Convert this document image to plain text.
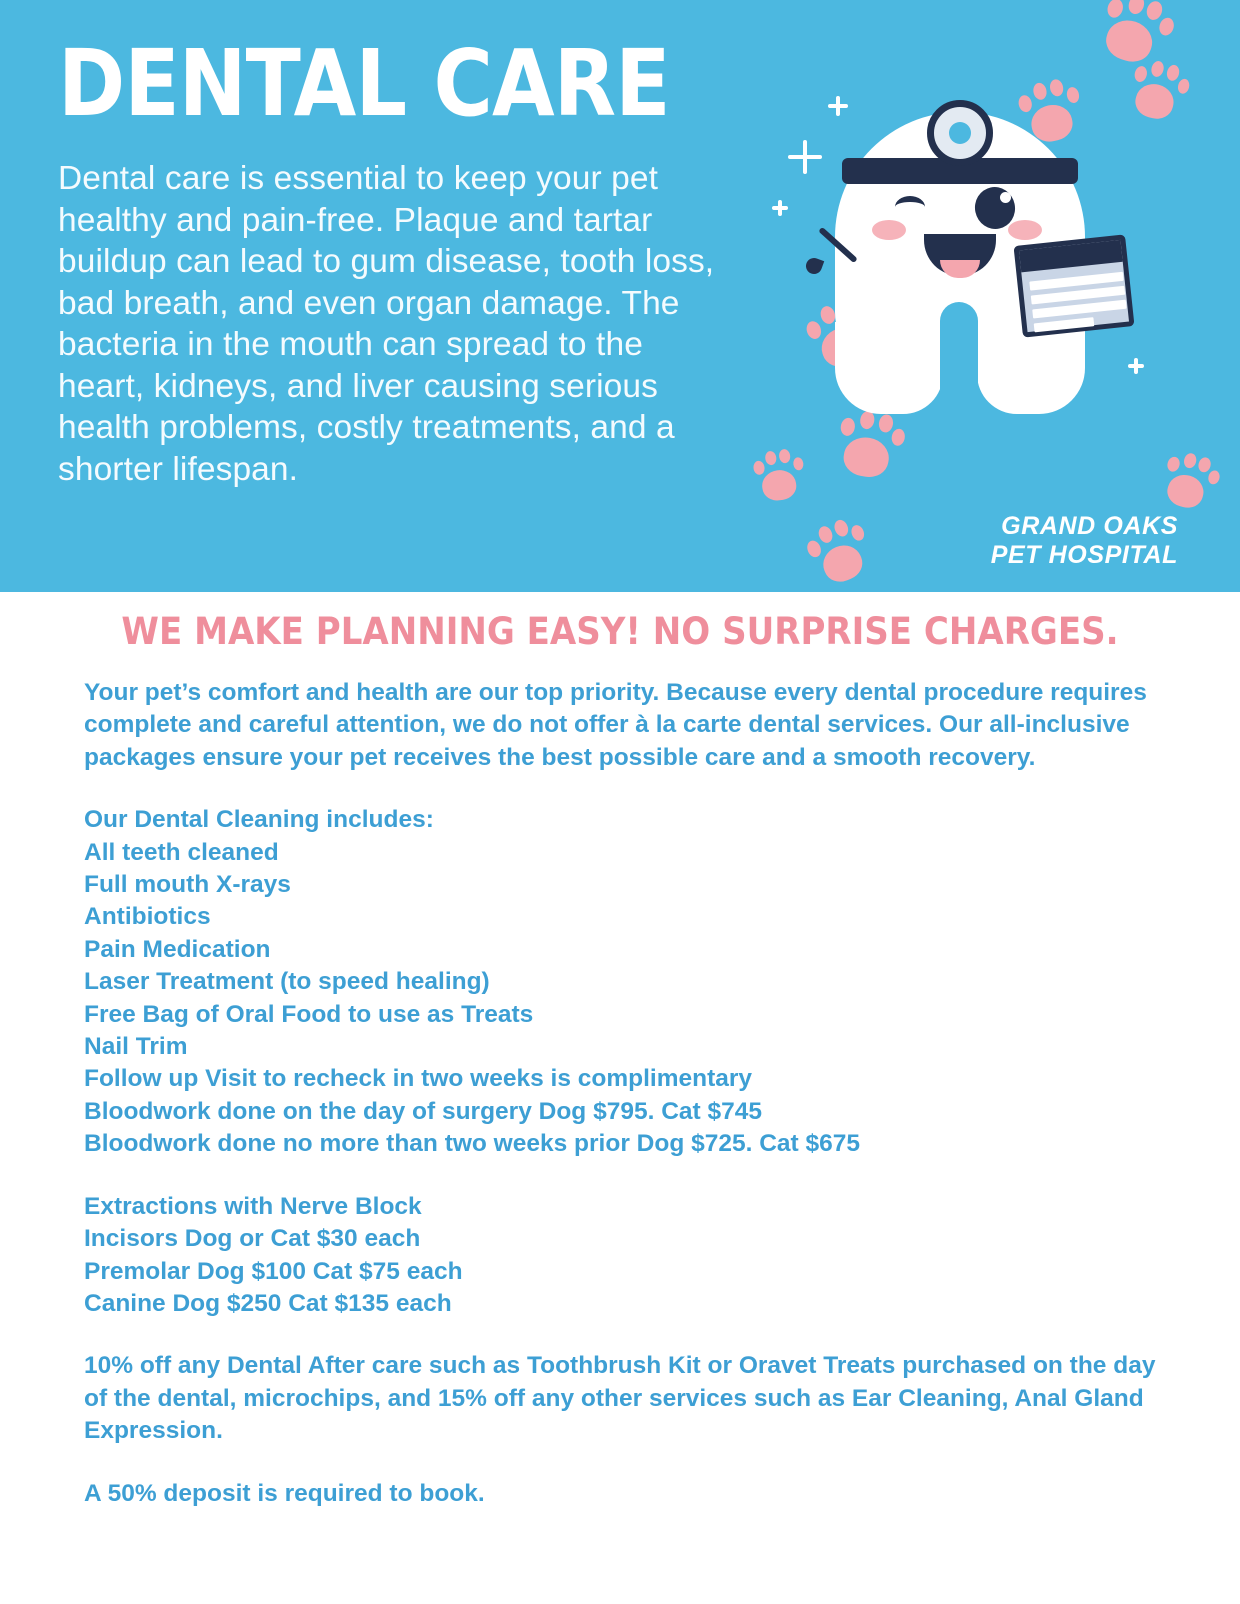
DENTAL CARE
Dental care is essential to keep your pet healthy and pain-free. Plaque and tartar buildup can lead to gum disease, tooth loss, bad breath, and even organ damage. The bacteria in the mouth can spread to the heart, kidneys, and liver causing serious health problems, costly treatments, and a shorter lifespan.
GRAND OAKS
PET HOSPITAL
WE MAKE PLANNING EASY! NO SURPRISE CHARGES.
Your pet’s comfort and health are our top priority. Because every dental procedure requires complete and careful attention, we do not offer à la carte dental services. Our all-inclusive packages ensure your pet receives the best possible care and a smooth recovery.
Our Dental Cleaning includes:
All teeth cleaned
Full mouth X-rays
Antibiotics
Pain Medication
Laser Treatment (to speed healing)
Free Bag of Oral Food to use as Treats
Nail Trim
Follow up Visit to recheck in two weeks is complimentary
Bloodwork done on the day of surgery Dog $795. Cat $745
Bloodwork done no more than two weeks prior Dog $725. Cat $675
Extractions with Nerve Block
Incisors Dog or Cat $30 each
Premolar Dog $100 Cat $75 each
Canine Dog $250 Cat $135 each
10% off any Dental After care such as Toothbrush Kit or Oravet Treats purchased on the day of the dental, microchips, and 15% off any other services such as Ear Cleaning, Anal Gland Expression.
A 50% deposit is required to book.
